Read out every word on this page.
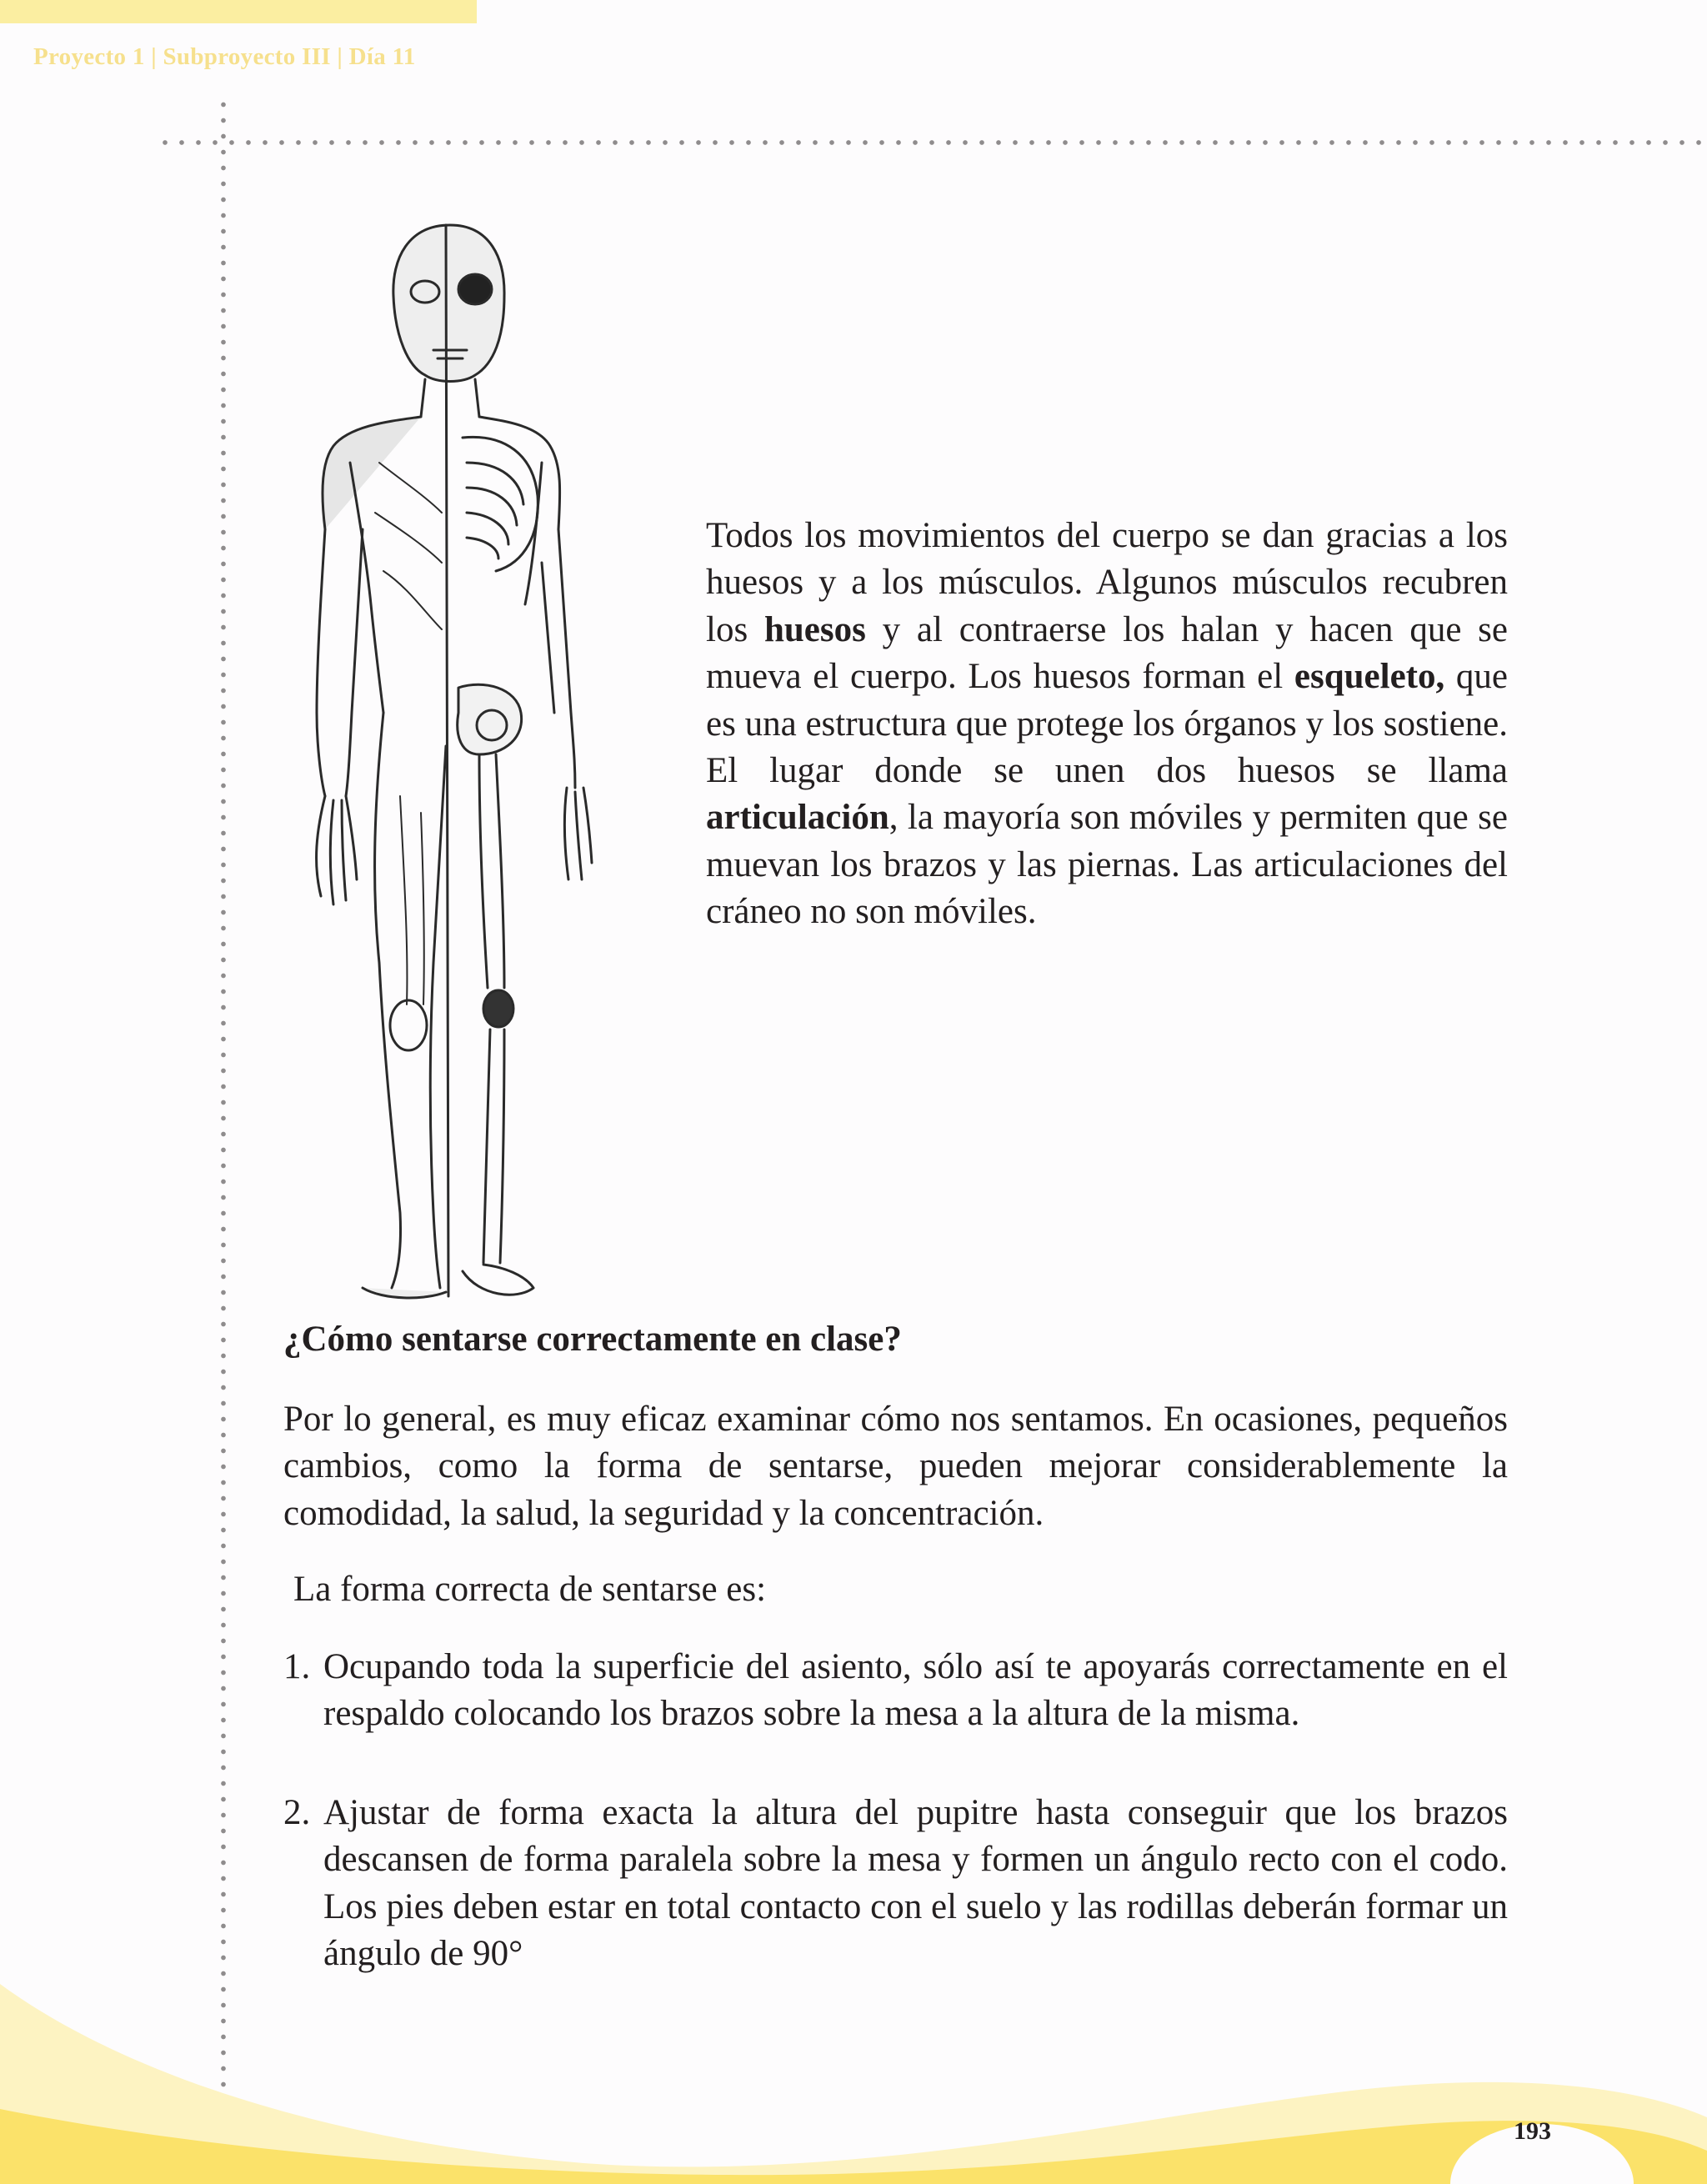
Proyecto 1 | Subproyecto III | Día 11
Todos los movimientos del cuerpo se dan gracias a los huesos y a los músculos. Algunos músculos recubren los huesos y al contraerse los halan y hacen que se mueva el cuerpo. Los huesos forman el esqueleto, que es una estructura que protege los órganos y los sostiene. El lugar donde se unen dos huesos se llama articulación, la mayoría son móviles y permiten que se muevan los brazos y las piernas. Las articulaciones del cráneo no son móviles.
¿Cómo sentarse correctamente en clase?
Por lo general, es muy eficaz examinar cómo nos sentamos. En ocasiones, pequeños cambios, como la forma de sentarse, pueden mejorar considerablemente la comodidad, la salud, la seguridad y la concentración.
La forma correcta de sentarse es:
1. Ocupando toda la superficie del asiento, sólo así te apoyarás correctamente en el respaldo colocando los brazos sobre la mesa a la altura de la misma.
2. Ajustar de forma exacta la altura del pupitre hasta conseguir que los brazos descansen de forma paralela sobre la mesa y formen un ángulo recto con el codo. Los pies deben estar en total contacto con el suelo y las rodillas deberán formar un ángulo de 90°
193
